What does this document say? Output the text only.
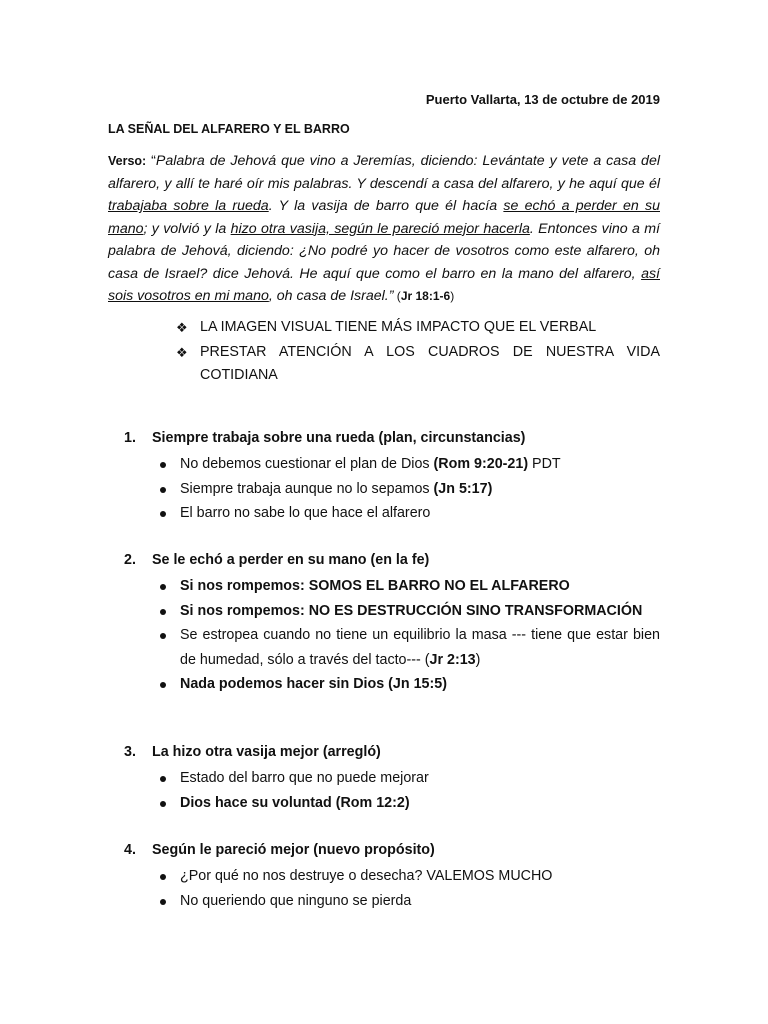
Puerto Vallarta, 13 de octubre de 2019
LA SEÑAL DEL ALFARERO Y EL BARRO
Verso: “Palabra de Jehová que vino a Jeremías, diciendo: Levántate y vete a casa del alfarero, y allí te haré oír mis palabras. Y descendí a casa del alfarero, y he aquí que él trabajaba sobre la rueda. Y la vasija de barro que él hacía se echó a perder en su mano; y volvió y la hizo otra vasija, según le pareció mejor hacerla. Entonces vino a mí palabra de Jehová, diciendo: ¿No podré yo hacer de vosotros como este alfarero, oh casa de Israel? dice Jehová. He aquí que como el barro en la mano del alfarero, así sois vosotros en mi mano, oh casa de Israel.” (Jr 18:1-6)
❖ LA IMAGEN VISUAL TIENE MÁS IMPACTO QUE EL VERBAL
❖ PRESTAR ATENCIÓN A LOS CUADROS DE NUESTRA VIDA
COTIDIANA
1. Siempre trabaja sobre una rueda (plan, circunstancias)
No debemos cuestionar el plan de Dios (Rom 9:20-21) PDT
Siempre trabaja aunque no lo sepamos (Jn 5:17)
El barro no sabe lo que hace el alfarero
2. Se le echó a perder en su mano (en la fe)
Si nos rompemos: SOMOS EL BARRO NO EL ALFARERO
Si nos rompemos: NO ES DESTRUCCIÓN SINO TRANSFORMACIÓN
Se estropea cuando no tiene un equilibrio la masa --- tiene que estar bien de humedad, sólo a través del tacto--- (Jr 2:13)
Nada podemos hacer sin Dios (Jn 15:5)
3. La hizo otra vasija mejor (arregló)
Estado del barro que no puede mejorar
Dios hace su voluntad (Rom 12:2)
4. Según le pareció mejor (nuevo propósito)
¿Por qué no nos destruye o desecha? VALEMOS MUCHO
No queriendo que ninguno se pierda
